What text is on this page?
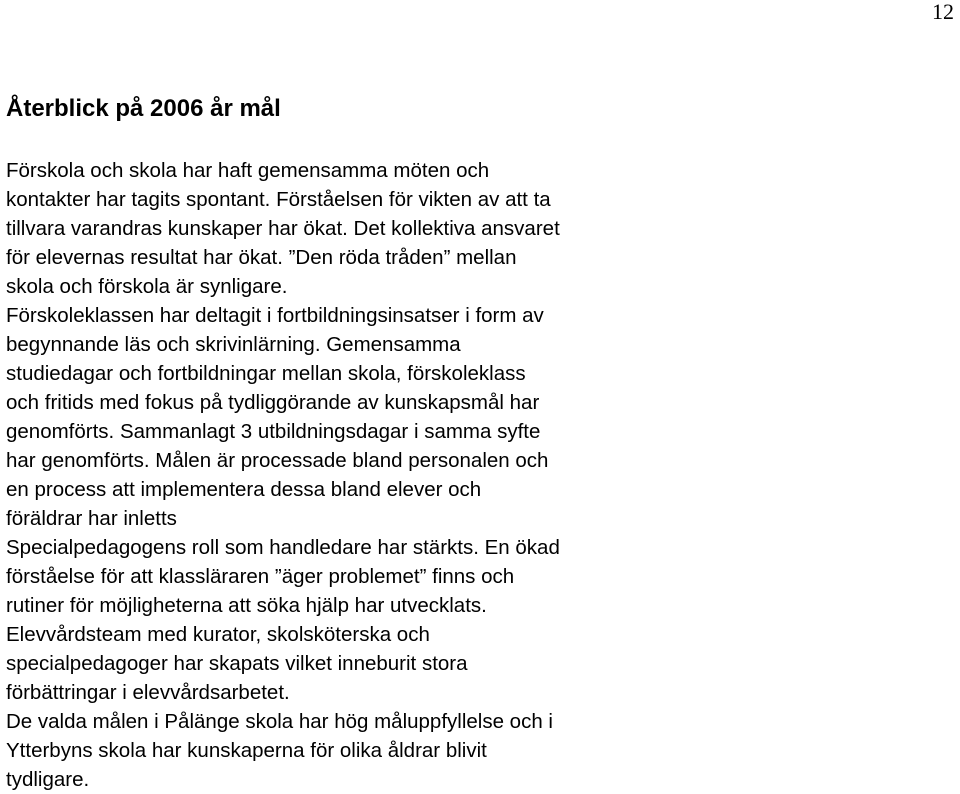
12
Återblick på 2006 år mål
Förskola och skola har haft gemensamma möten och
kontakter har tagits spontant. Förståelsen för vikten av att ta
tillvara varandras kunskaper har ökat. Det kollektiva ansvaret
för elevernas resultat har ökat. ”Den röda tråden” mellan
skola och förskola är synligare.
Förskoleklassen har deltagit i fortbildningsinsatser i form av
begynnande läs och skrivinlärning. Gemensamma
studiedagar och fortbildningar mellan skola, förskoleklass
och fritids med fokus på tydliggörande av kunskapsmål har
genomförts. Sammanlagt 3 utbildningsdagar i samma syfte
har genomförts. Målen är processade bland personalen och
en process att implementera dessa bland elever och
föräldrar har inletts
Specialpedagogens roll som handledare har stärkts. En ökad
förståelse för att klassläraren ”äger problemet” finns och
rutiner för möjligheterna att söka hjälp har utvecklats.
Elevvårdsteam med kurator, skolsköterska och
specialpedagoger har skapats vilket inneburit stora
förbättringar i elevvårdsarbetet.
De valda målen i Pålänge skola har hög måluppfyllelse och i
Ytterbyns skola har kunskaperna för olika åldrar blivit
tydligare.
